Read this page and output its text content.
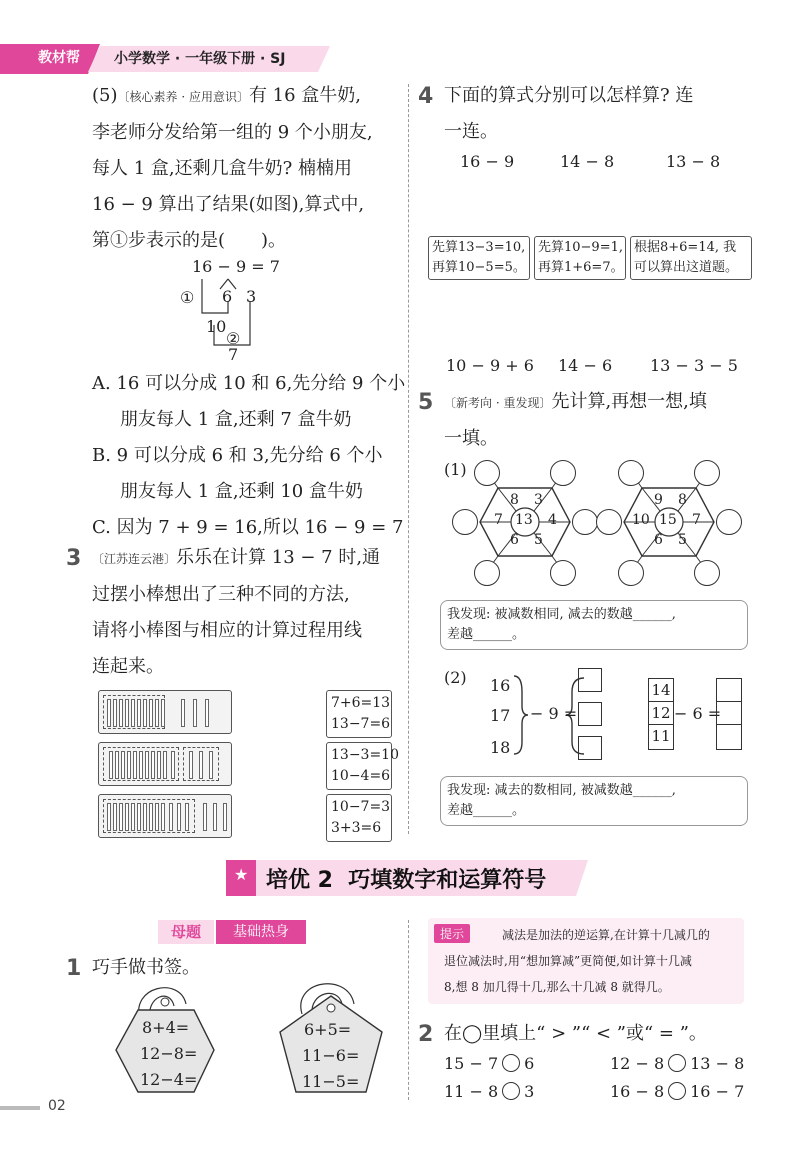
教材帮 小学数学 · 一年级下册 · SJ
(5)〔核心素养 · 应用意识〕有 16 盒牛奶,
李老师分发给第一组的 9 个小朋友,
每人 1 盒,还剩几盒牛奶? 楠楠用
16 − 9 算出了结果(如图),算式中,
第①步表示的是(　　)。
16 − 9 = 7
6 3
①
10
②
7
A. 16 可以分成 10 和 6,先分给 9 个小
朋友每人 1 盒,还剩 7 盒牛奶
B. 9 可以分成 6 和 3,先分给 6 个小
朋友每人 1 盒,还剩 10 盒牛奶
C. 因为 7 + 9 = 16,所以 16 − 9 = 7
3 〔江苏连云港〕乐乐在计算 13 − 7 时,通
过摆小棒想出了三种不同的方法,
请将小棒图与相应的计算过程用线
连起来。
7+6=13
13−7=6
13−3=10
10−4=6
10−7=3
3+3=6
4 下面的算式分别可以怎样算? 连
一连。
16 − 9	14 − 8	13 − 8
先算13−3=10,
再算10−5=5。
先算10−9=1,
再算1+6=7。
根据8+6=14, 我
可以算出这道题。
10 − 9 + 6 14 − 6 13 − 3 − 5
5 〔新考向 · 重发现〕先计算,再想一想,填
一填。
(1)
13
8 3
4
5
6
7	15
9 8
7
5
6
10
我发现: 被减数相同, 减去的数越______,
差越______。
(2) 16
17
18
− 9 =
14
12
11
− 6 =
我发现: 减去的数相同, 被减数越______,
差越______。
★ 培优 2  巧填数字和运算符号
母题	基础热身
1 巧手做书签。
8+4=
12−8=
12−4=
6+5=
11−6=
11−5=
提示	减法是加法的逆运算,在计算十几减几的
退位减法时,用“想加算减”更简便,如计算十几减
8,想 8 加几得十几,那么十几减 8 就得几。
2 在◯里填上“ > ”“ < ”或“ = ”。
15 − 7 6	12 − 8 13 − 8
11 − 8 3	16 − 8 16 − 7
02
